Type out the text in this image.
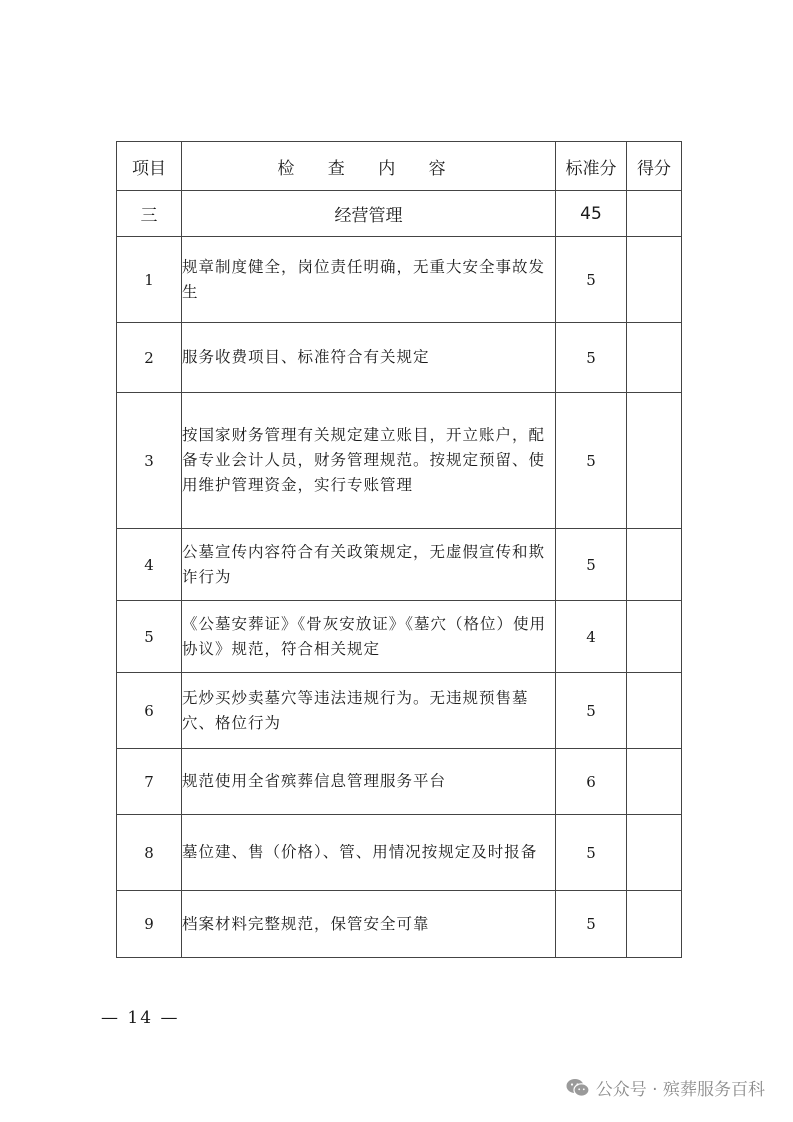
项目	检 查 内 容	标准分	得分
三	经营管理	45	
1	规章制度健全，岗位责任明确，无重大安全事故发生	5	
2	服务收费项目、标准符合有关规定	5	
3	按国家财务管理有关规定建立账目，开立账户，配备专业会计人员，财务管理规范。按规定预留、使用维护管理资金，实行专账管理	5	
4	公墓宣传内容符合有关政策规定，无虚假宣传和欺诈行为	5	
5	《公墓安葬证》《骨灰安放证》《墓穴（格位）使用协议》规范，符合相关规定	4	
6	无炒买炒卖墓穴等违法违规行为。无违规预售墓穴、格位行为	5	
7	规范使用全省殡葬信息管理服务平台	6	
8	墓位建、售（价格）、管、用情况按规定及时报备	5	
9	档案材料完整规范，保管安全可靠	5	
— 14 —
公众号 · 殡葬服务百科
